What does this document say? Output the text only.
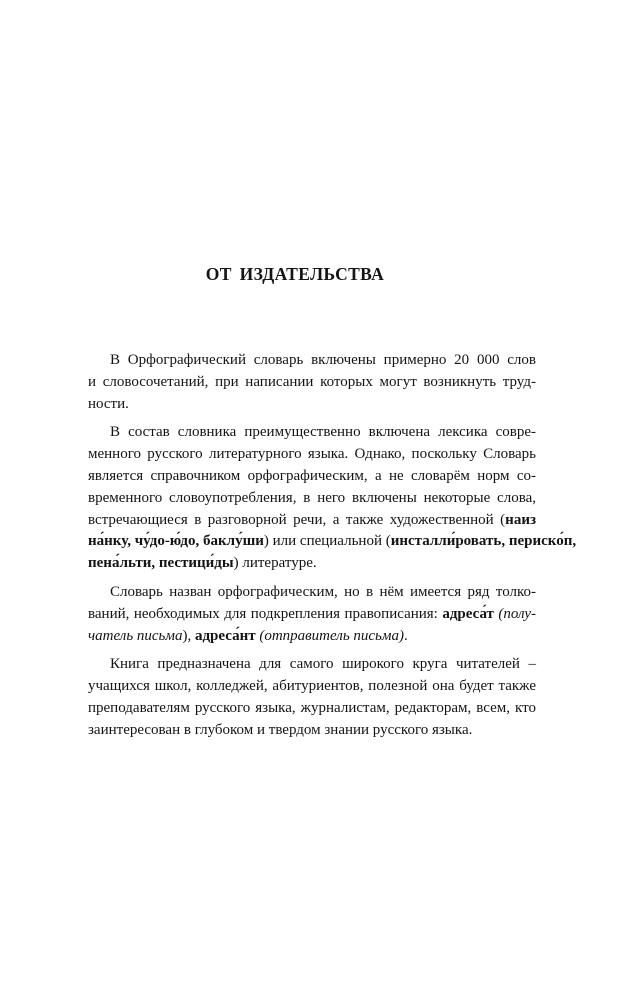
ОТ ИЗДАТЕЛЬСТВА
В Орфографический словарь включены примерно 20 000 слов
и словосочетаний, при написании которых могут возникнуть труд-
ности.
В состав словника преимущественно включена лексика совре-
менного русского литературного языка. Однако, поскольку Словарь
является справочником орфографическим, а не словарём норм со-
временного словоупотребления, в него включены некоторые слова,
встречающиеся в разговорной речи, а также художественной (наиз
на́нку, чу́до-ю́до, баклу́ши) или специальной (инсталли́ровать, периско́п,
пена́льти, пестици́ды) литературе.
Словарь назван орфографическим, но в нём имеется ряд толко-
ваний, необходимых для подкрепления правописания: адреса́т (полу-
чатель письма), адреса́нт (отправитель письма).
Книга предназначена для самого широкого круга читателей –
учащихся школ, колледжей, абитуриентов, полезной она будет также
преподавателям русского языка, журналистам, редакторам, всем, кто
заинтересован в глубоком и твердом знании русского языка.
